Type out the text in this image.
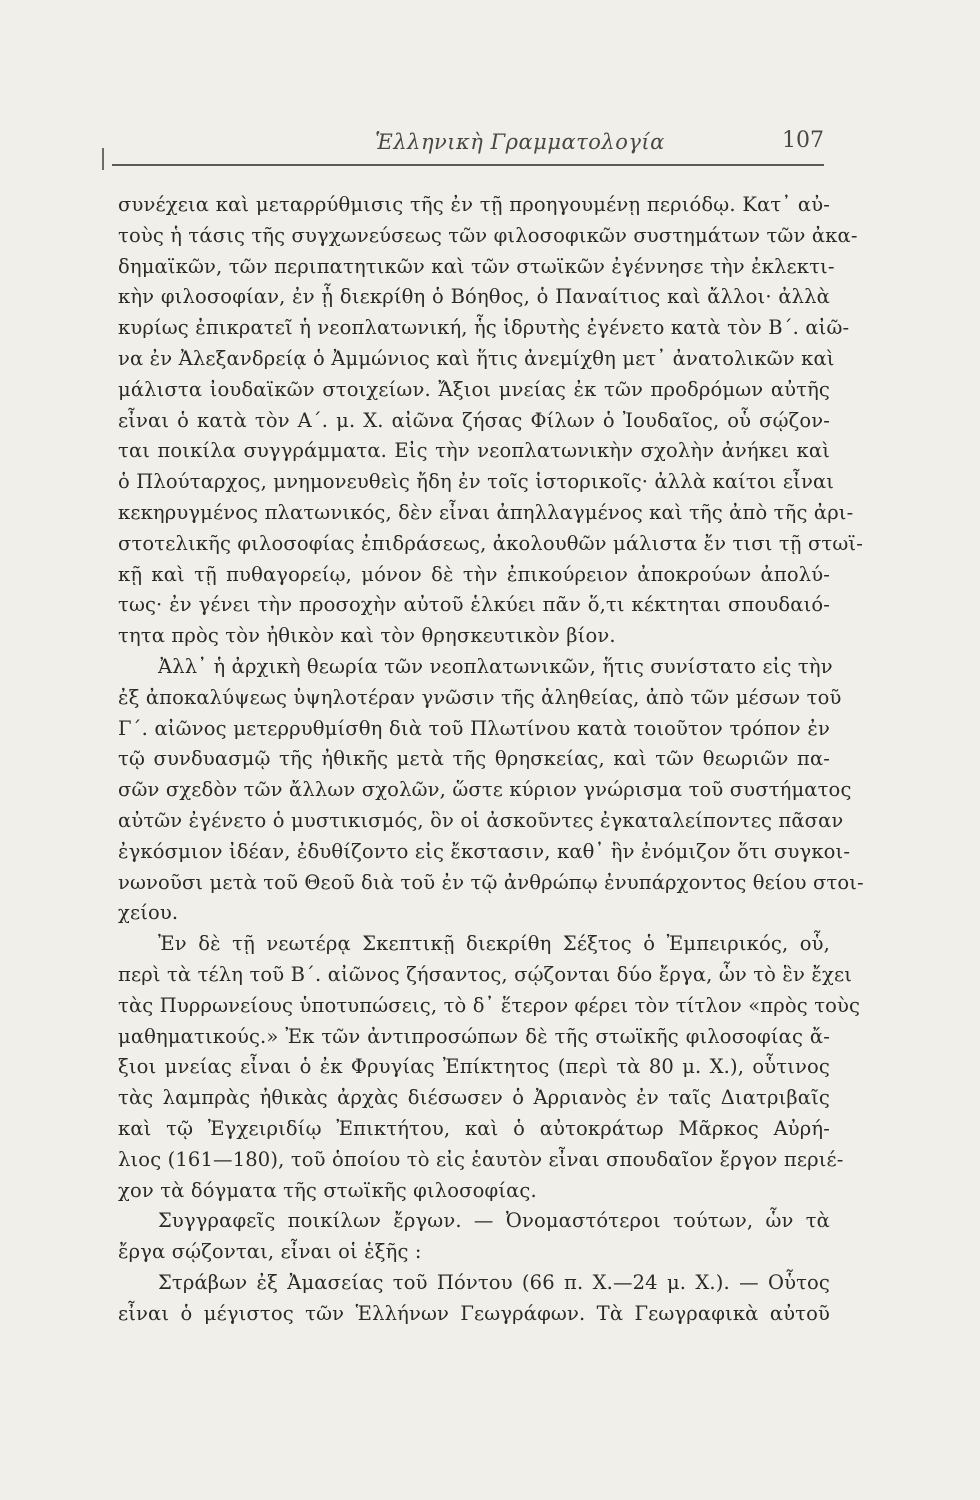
Ἑλληνικὴ Γραμματολογία	107
συνέχεια καὶ μεταρρύθμισις τῆς ἐν τῇ προηγουμένῃ περιόδῳ. Κατ᾿ αὐ-
τοὺς ἡ τάσις τῆς συγχωνεύσεως τῶν φιλοσοφικῶν συστημάτων τῶν ἀκα-
δημαϊκῶν, τῶν περιπατητικῶν καὶ τῶν στωϊκῶν ἐγέννησε τὴν ἐκλεκτι-
κὴν φιλοσοφίαν, ἐν ᾗ διεκρίθη ὁ Βόηθος, ὁ Παναίτιος καὶ ἄλλοι· ἀλλὰ
κυρίως ἐπικρατεῖ ἡ νεοπλατωνική, ἧς ἱδρυτὴς ἐγένετο κατὰ τὸν Β΄. αἰῶ-
να ἐν Ἀλεξανδρείᾳ ὁ Ἀμμώνιος καὶ ἥτις ἀνεμίχθη μετ᾿ ἀνατολικῶν καὶ
μάλιστα ἰουδαϊκῶν στοιχείων. Ἄξιοι μνείας ἐκ τῶν προδρόμων αὐτῆς
εἶναι ὁ κατὰ τὸν Α΄. μ. Χ. αἰῶνα ζήσας Φίλων ὁ Ἰουδαῖος, οὗ σῴζον-
ται ποικίλα συγγράμματα. Εἰς τὴν νεοπλατωνικὴν σχολὴν ἀνήκει καὶ
ὁ Πλούταρχος, μνημονευθεὶς ἤδη ἐν τοῖς ἱστορικοῖς· ἀλλὰ καίτοι εἶναι
κεκηρυγμένος πλατωνικός, δὲν εἶναι ἀπηλλαγμένος καὶ τῆς ἀπὸ τῆς ἀρι-
στοτελικῆς φιλοσοφίας ἐπιδράσεως, ἀκολουθῶν μάλιστα ἔν τισι τῇ στωϊ-
κῇ καὶ τῇ πυθαγορείῳ, μόνον δὲ τὴν ἐπικούρειον ἀποκρούων ἀπολύ-
τως· ἐν γένει τὴν προσοχὴν αὐτοῦ ἑλκύει πᾶν ὅ,τι κέκτηται σπουδαιό-
τητα πρὸς τὸν ἠθικὸν καὶ τὸν θρησκευτικὸν βίον.
Ἀλλ᾿ ἡ ἀρχικὴ θεωρία τῶν νεοπλατωνικῶν, ἥτις συνίστατο εἰς τὴν
ἐξ ἀποκαλύψεως ὑψηλοτέραν γνῶσιν τῆς ἀληθείας, ἀπὸ τῶν μέσων τοῦ
Γ΄. αἰῶνος μετερρυθμίσθη διὰ τοῦ Πλωτίνου κατὰ τοιοῦτον τρόπον ἐν
τῷ συνδυασμῷ τῆς ἠθικῆς μετὰ τῆς θρησκείας, καὶ τῶν θεωριῶν πα-
σῶν σχεδὸν τῶν ἄλλων σχολῶν, ὥστε κύριον γνώρισμα τοῦ συστήματος
αὐτῶν ἐγένετο ὁ μυστικισμός, ὃν οἱ ἀσκοῦντες ἐγκαταλείποντες πᾶσαν
ἐγκόσμιον ἰδέαν, ἐδυθίζοντο εἰς ἔκστασιν, καθ᾿ ἣν ἐνόμιζον ὅτι συγκοι-
νωνοῦσι μετὰ τοῦ Θεοῦ διὰ τοῦ ἐν τῷ ἀνθρώπῳ ἐνυπάρχοντος θείου στοι-
χείου.
Ἐν δὲ τῇ νεωτέρᾳ Σκεπτικῇ διεκρίθη Σέξτος ὁ Ἐμπειρικός, οὗ,
περὶ τὰ τέλη τοῦ Β΄. αἰῶνος ζήσαντος, σῴζονται δύο ἔργα, ὧν τὸ ἓν ἔχει
τὰς Πυρρωνείους ὑποτυπώσεις, τὸ δ᾿ ἕτερον φέρει τὸν τίτλον «πρὸς τοὺς
μαθηματικούς.» Ἐκ τῶν ἀντιπροσώπων δὲ τῆς στωϊκῆς φιλοσοφίας ἄ-
ξιοι μνείας εἶναι ὁ ἐκ Φρυγίας Ἐπίκτητος (περὶ τὰ 80 μ. Χ.), οὗτινος
τὰς λαμπρὰς ἠθικὰς ἀρχὰς διέσωσεν ὁ Ἀρριανὸς ἐν ταῖς Διατριβαῖς
καὶ τῷ Ἐγχειριδίῳ Ἐπικτήτου, καὶ ὁ αὐτοκράτωρ Μᾶρκος Αὐρή-
λιος (161—180), τοῦ ὁποίου τὸ εἰς ἑαυτὸν εἶναι σπουδαῖον ἔργον περιέ-
χον τὰ δόγματα τῆς στωϊκῆς φιλοσοφίας.
Συγγραφεῖς ποικίλων ἔργων. — Ὀνομαστότεροι τούτων, ὧν τὰ
ἔργα σῴζονται, εἶναι οἱ ἑξῆς :
Στράβων ἐξ Ἀμασείας τοῦ Πόντου (66 π. Χ.—24 μ. Χ.). — Οὗτος
εἶναι ὁ μέγιστος τῶν Ἑλλήνων Γεωγράφων. Τὰ Γεωγραφικὰ αὐτοῦ
